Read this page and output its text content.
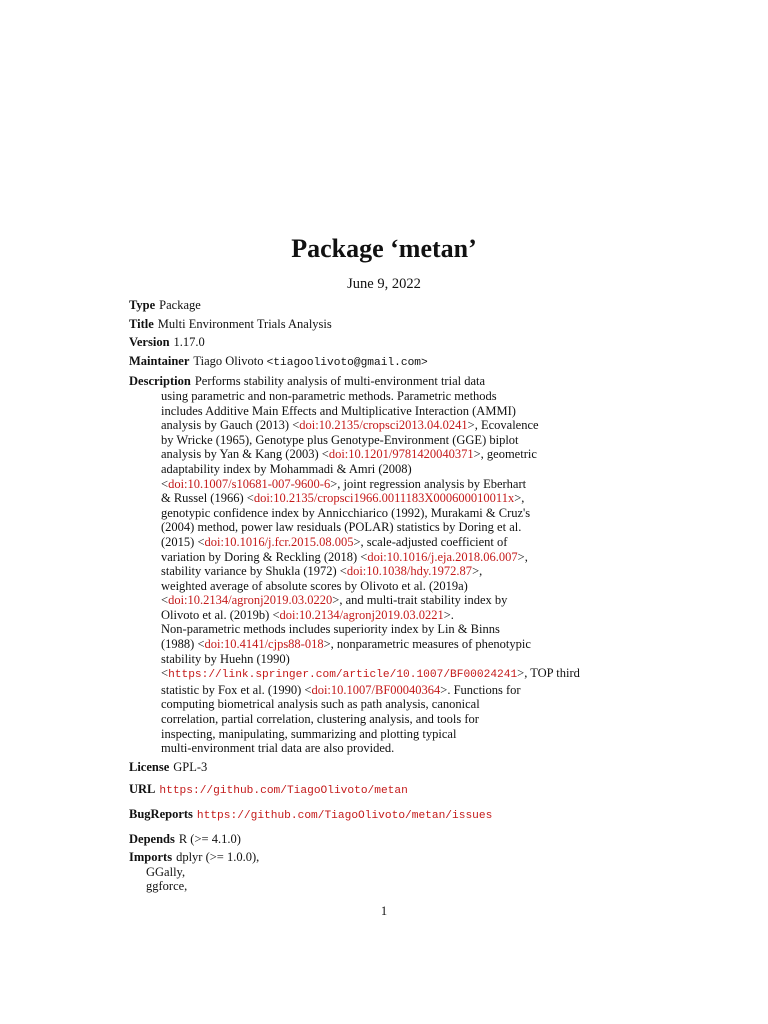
Package ‘metan’
June 9, 2022
Type Package
Title Multi Environment Trials Analysis
Version 1.17.0
Maintainer Tiago Olivoto <tiagoolivoto@gmail.com>
Description Performs stability analysis of multi-environment trial data
using parametric and non-parametric methods. Parametric methods
includes Additive Main Effects and Multiplicative Interaction (AMMI)
analysis by Gauch (2013) <doi:10.2135/cropsci2013.04.0241>, Ecovalence
by Wricke (1965), Genotype plus Genotype-Environment (GGE) biplot
analysis by Yan & Kang (2003) <doi:10.1201/9781420040371>, geometric
adaptability index by Mohammadi & Amri (2008)
<doi:10.1007/s10681-007-9600-6>, joint regression analysis by Eberhart
& Russel (1966) <doi:10.2135/cropsci1966.0011183X000600010011x>,
genotypic confidence index by Annicchiarico (1992), Murakami & Cruz's
(2004) method, power law residuals (POLAR) statistics by Doring et al.
(2015) <doi:10.1016/j.fcr.2015.08.005>, scale-adjusted coefficient of
variation by Doring & Reckling (2018) <doi:10.1016/j.eja.2018.06.007>,
stability variance by Shukla (1972) <doi:10.1038/hdy.1972.87>,
weighted average of absolute scores by Olivoto et al. (2019a)
<doi:10.2134/agronj2019.03.0220>, and multi-trait stability index by
Olivoto et al. (2019b) <doi:10.2134/agronj2019.03.0221>.
Non-parametric methods includes superiority index by Lin & Binns
(1988) <doi:10.4141/cjps88-018>, nonparametric measures of phenotypic
stability by Huehn (1990)
<https://link.springer.com/article/10.1007/BF00024241>, TOP third
statistic by Fox et al. (1990) <doi:10.1007/BF00040364>. Functions for
computing biometrical analysis such as path analysis, canonical
correlation, partial correlation, clustering analysis, and tools for
inspecting, manipulating, summarizing and plotting typical
multi-environment trial data are also provided.
License GPL-3
URL https://github.com/TiagoOlivoto/metan
BugReports https://github.com/TiagoOlivoto/metan/issues
Depends R (>= 4.1.0)
Imports dplyr (>= 1.0.0),
GGally,
ggforce,
1
